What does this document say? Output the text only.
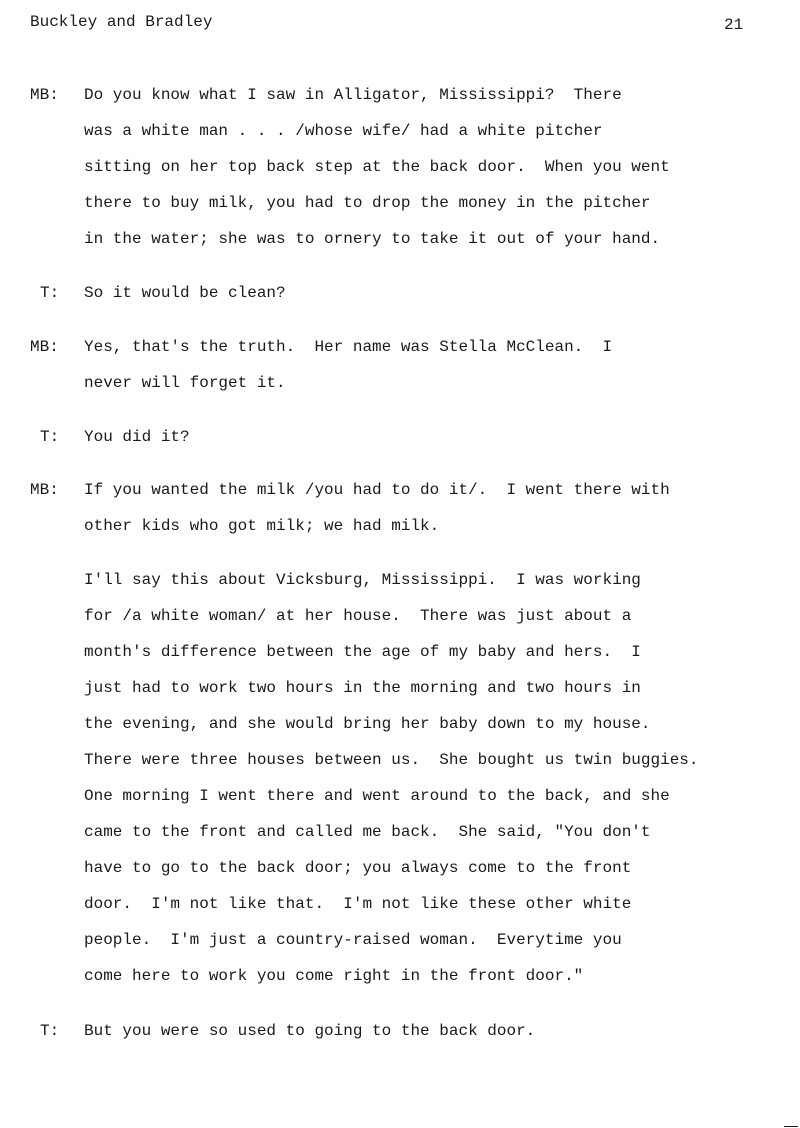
Buckley and Bradley	21
MB: Do you know what I saw in Alligator, Mississippi?  There
was a white man . . . /whose wife/ had a white pitcher
sitting on her top back step at the back door.  When you went
there to buy milk, you had to drop the money in the pitcher
in the water; she was to ornery to take it out of your hand.
T: So it would be clean?
MB: Yes, that's the truth.  Her name was Stella McClean.  I
never will forget it.
T: You did it?
MB: If you wanted the milk /you had to do it/.  I went there with
other kids who got milk; we had milk.
I'll say this about Vicksburg, Mississippi.  I was working
for /a white woman/ at her house.  There was just about a
month's difference between the age of my baby and hers.  I
just had to work two hours in the morning and two hours in
the evening, and she would bring her baby down to my house.
There were three houses between us.  She bought us twin buggies.
One morning I went there and went around to the back, and she
came to the front and called me back.  She said, "You don't
have to go to the back door; you always come to the front
door.  I'm not like that.  I'm not like these other white
people.  I'm just a country-raised woman.  Everytime you
come here to work you come right in the front door."
T: But you were so used to going to the back door.
